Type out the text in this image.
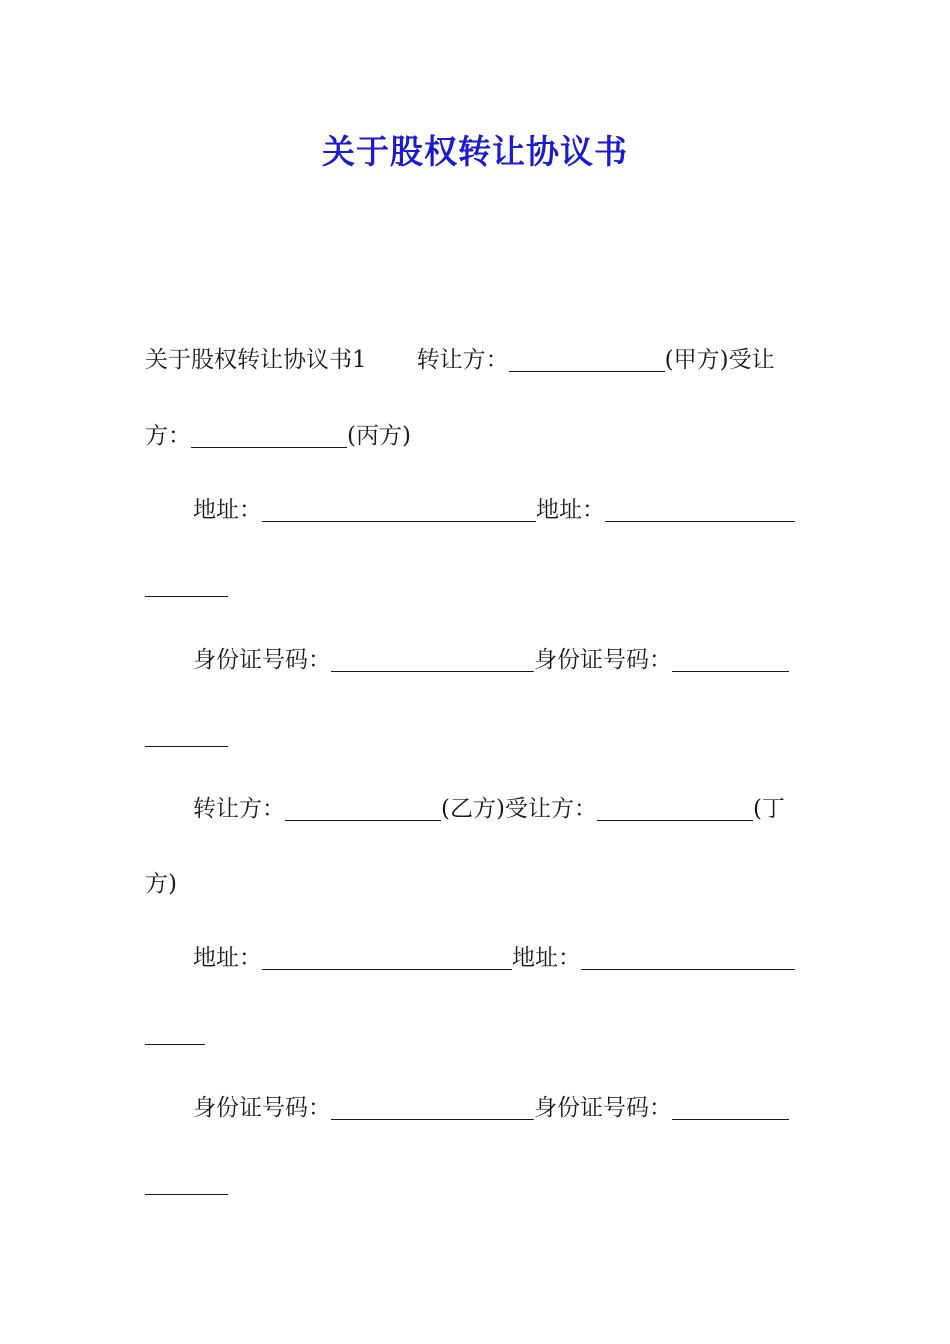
关于股权转让协议书
关于股权转让协议书1 转让方：	(甲方)受让
方：	(丙方)
地址：	地址：
身份证号码：	身份证号码：
转让方：	(乙方)受让方：	(丁
方)
地址：	地址：
身份证号码：	身份证号码：
